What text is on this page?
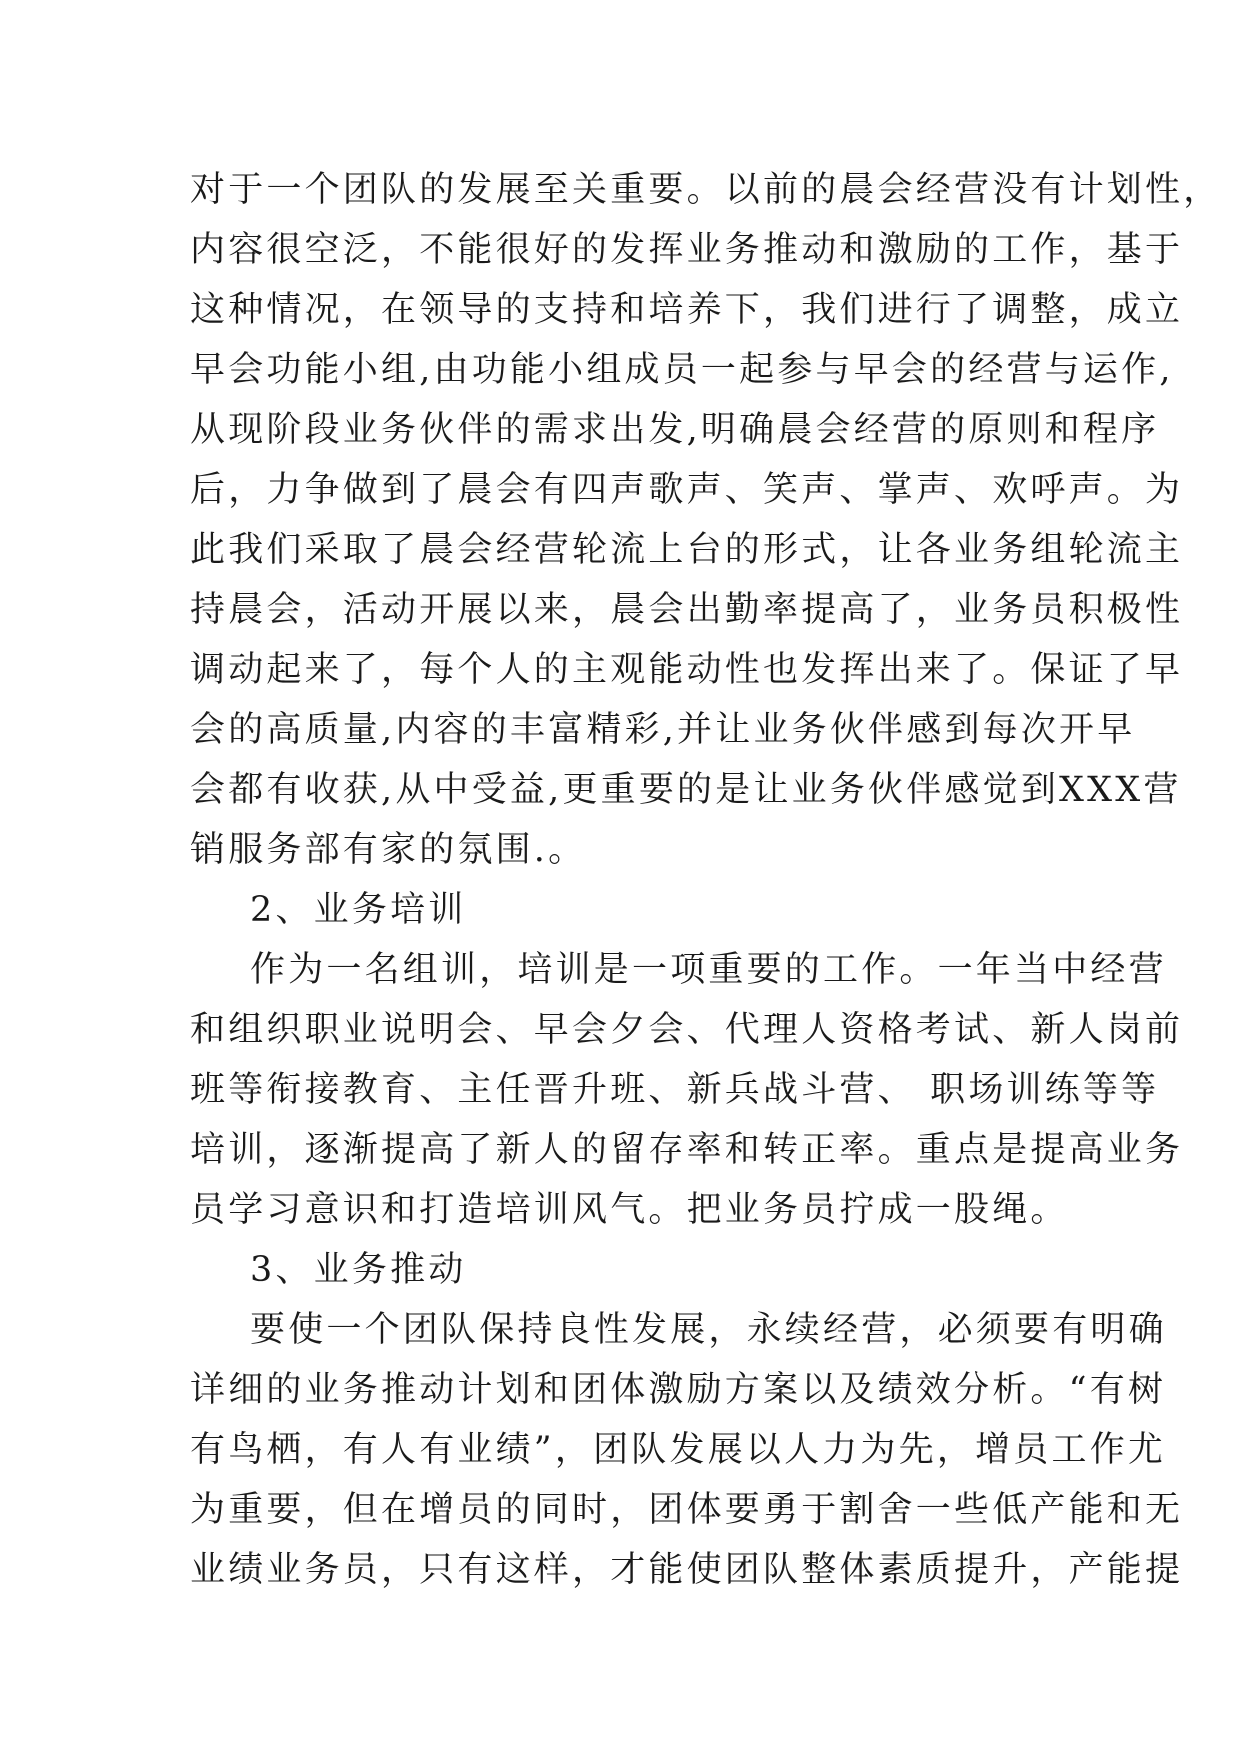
对于一个团队的发展至关重要。以前的晨会经营没有计划性，
内容很空泛，不能很好的发挥业务推动和激励的工作，基于
这种情况，在领导的支持和培养下，我们进行了调整，成立
早会功能小组,由功能小组成员一起参与早会的经营与运作,
从现阶段业务伙伴的需求出发,明确晨会经营的原则和程序
后，力争做到了晨会有四声歌声、笑声、掌声、欢呼声。为
此我们采取了晨会经营轮流上台的形式，让各业务组轮流主
持晨会，活动开展以来，晨会出勤率提高了，业务员积极性
调动起来了，每个人的主观能动性也发挥出来了。保证了早
会的高质量,内容的丰富精彩,并让业务伙伴感到每次开早
会都有收获,从中受益,更重要的是让业务伙伴感觉到XXX营
销服务部有家的氛围.。
2、业务培训
作为一名组训，培训是一项重要的工作。一年当中经营
和组织职业说明会、早会夕会、代理人资格考试、新人岗前
班等衔接教育、主任晋升班、新兵战斗营、 职场训练等等
培训，逐渐提高了新人的留存率和转正率。重点是提高业务
员学习意识和打造培训风气。把业务员拧成一股绳。
3、业务推动
要使一个团队保持良性发展，永续经营，必须要有明确
详细的业务推动计划和团体激励方案以及绩效分析。“有树
有鸟栖，有人有业绩”，团队发展以人力为先，增员工作尤
为重要，但在增员的同时，团体要勇于割舍一些低产能和无
业绩业务员，只有这样，才能使团队整体素质提升，产能提
